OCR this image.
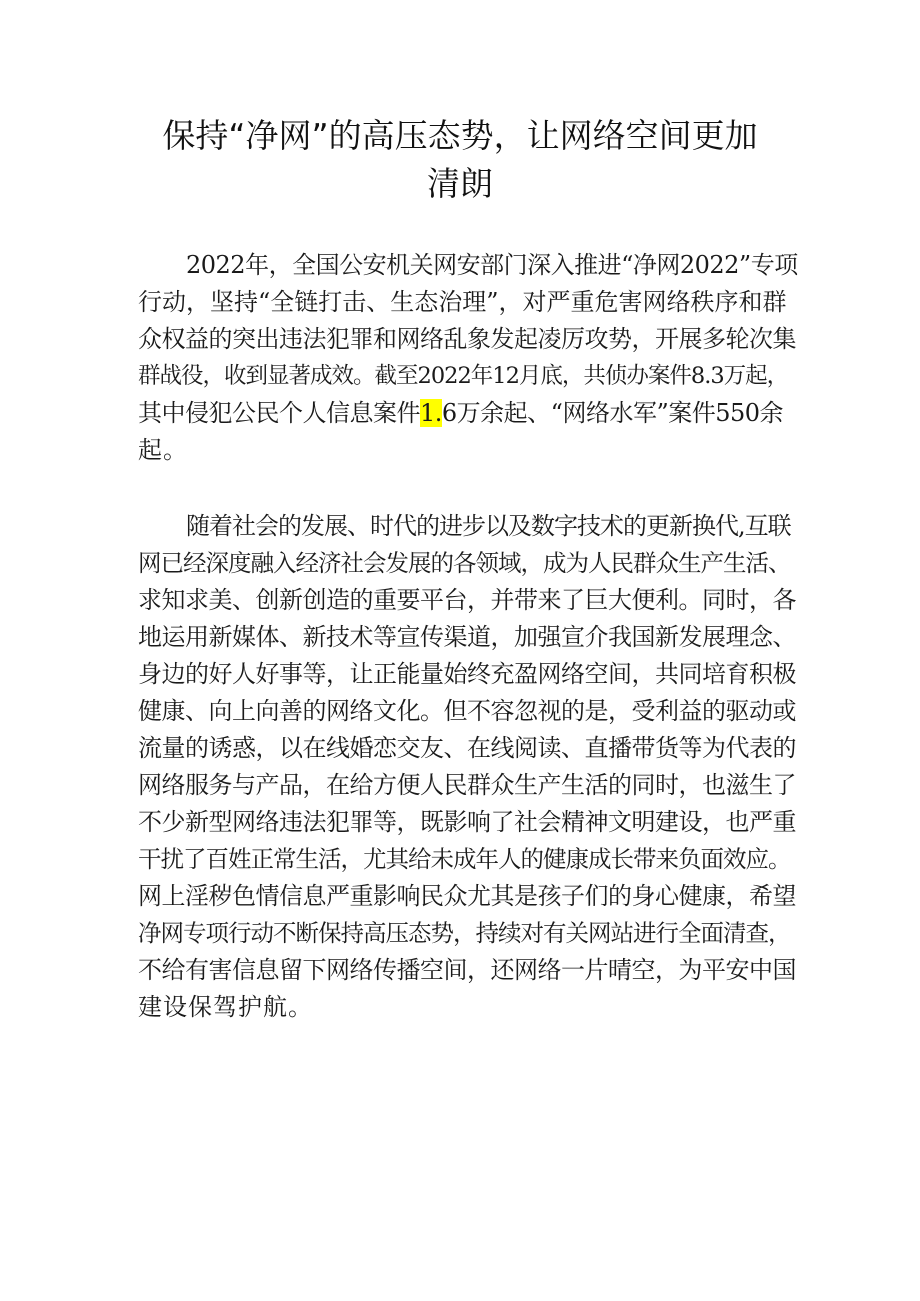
保持“净网”的高压态势，让网络空间更加
清朗
2022年，全国公安机关网安部门深入推进“净网2022”专项
行动，坚持“全链打击、生态治理”，对严重危害网络秩序和群
众权益的突出违法犯罪和网络乱象发起凌厉攻势，开展多轮次集
群战役，收到显著成效。截至2022年12月底，共侦办案件8.3万起，
其中侵犯公民个人信息案件1.6万余起、“网络水军”案件550余
起。
随着社会的发展、时代的进步以及数字技术的更新换代,互联
网已经深度融入经济社会发展的各领域，成为人民群众生产生活、
求知求美、创新创造的重要平台，并带来了巨大便利。同时，各
地运用新媒体、新技术等宣传渠道，加强宣介我国新发展理念、
身边的好人好事等，让正能量始终充盈网络空间，共同培育积极
健康、向上向善的网络文化。但不容忽视的是，受利益的驱动或
流量的诱惑，以在线婚恋交友、在线阅读、直播带货等为代表的
网络服务与产品，在给方便人民群众生产生活的同时，也滋生了
不少新型网络违法犯罪等，既影响了社会精神文明建设，也严重
干扰了百姓正常生活，尤其给未成年人的健康成长带来负面效应。
网上淫秽色情信息严重影响民众尤其是孩子们的身心健康，希望
净网专项行动不断保持高压态势，持续对有关网站进行全面清查，
不给有害信息留下网络传播空间，还网络一片晴空，为平安中国
建设保驾护航。
